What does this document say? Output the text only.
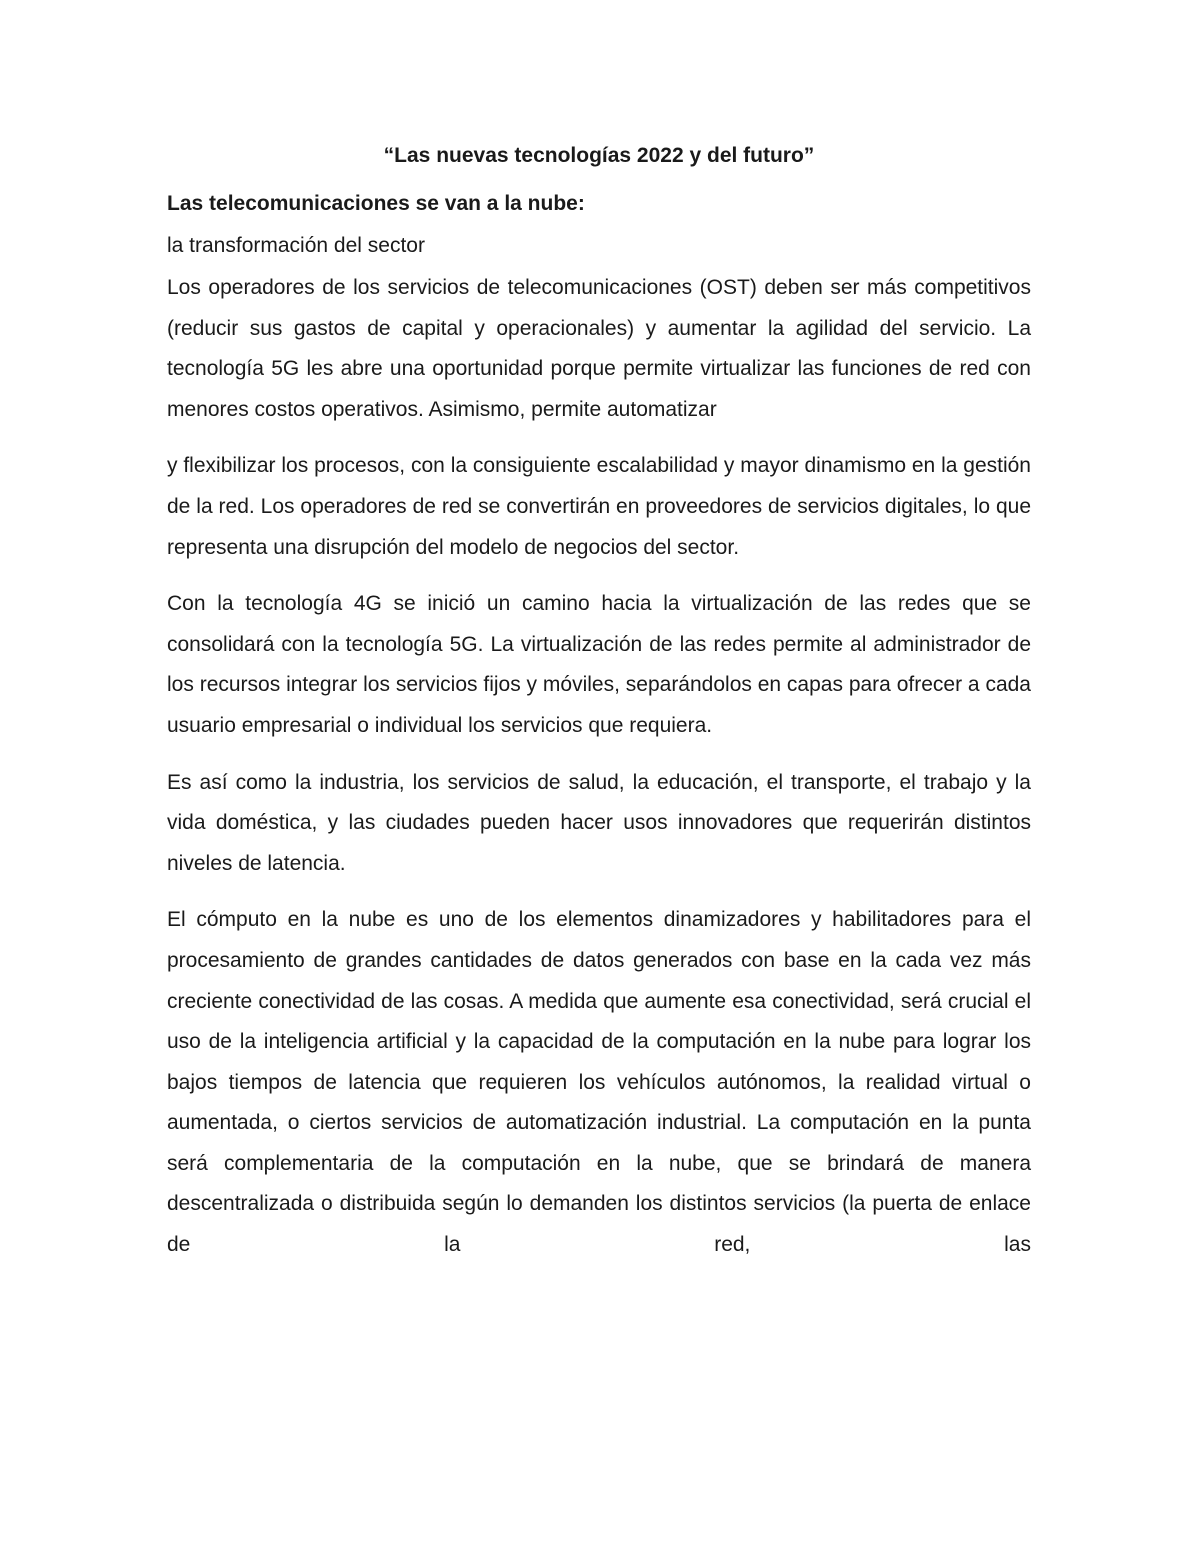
“Las nuevas tecnologías 2022 y del futuro”
Las telecomunicaciones se van a la nube:
la transformación del sector

Los operadores de los servicios de telecomunicaciones (OST) deben ser más competitivos (reducir sus gastos de capital y operacionales) y aumentar la agilidad del servicio. La tecnología 5G les abre una oportunidad porque permite virtualizar las funciones de red con menores costos operativos. Asimismo, permite automatizar

y flexibilizar los procesos, con la consiguiente escalabilidad y mayor dinamismo en la gestión de la red. Los operadores de red se convertirán en proveedores de servicios digitales, lo que representa una disrupción del modelo de negocios del sector.

Con la tecnología 4G se inició un camino hacia la virtualización de las redes que se consolidará con la tecnología 5G. La virtualización de las redes permite al administrador de los recursos integrar los servicios fijos y móviles, separándolos en capas para ofrecer a cada usuario empresarial o individual los servicios que requiera.

Es así como la industria, los servicios de salud, la educación, el transporte, el trabajo y la vida doméstica, y las ciudades pueden hacer usos innovadores que requerirán distintos niveles de latencia.

El cómputo en la nube es uno de los elementos dinamizadores y habilitadores para el procesamiento de grandes cantidades de datos generados con base en la cada vez más creciente conectividad de las cosas. A medida que aumente esa conectividad, será crucial el uso de la inteligencia artificial y la capacidad de la computación en la nube para lograr los bajos tiempos de latencia que requieren los vehículos autónomos, la realidad virtual o aumentada, o ciertos servicios de automatización industrial. La computación en la punta será complementaria de la computación en la nube, que se brindará de manera descentralizada o distribuida según lo demanden los distintos servicios (la puerta de enlace de la red, las
